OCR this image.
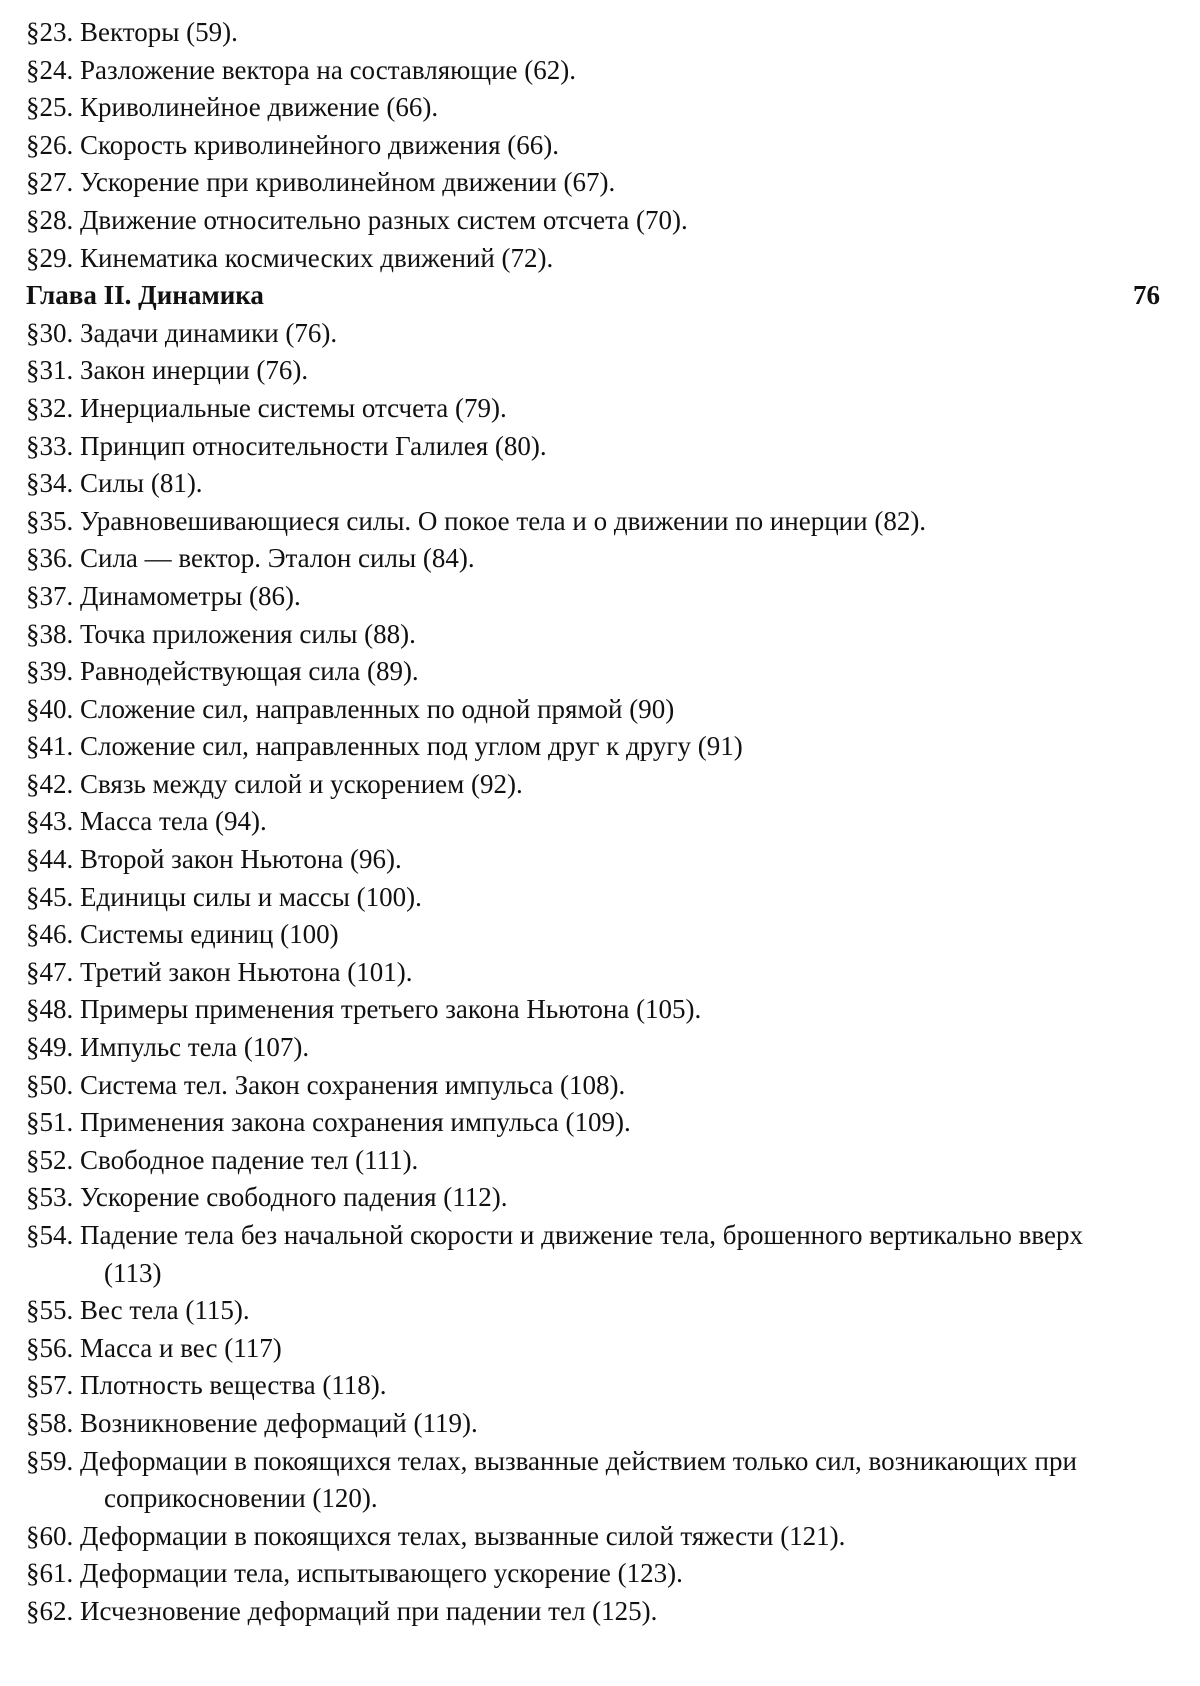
§23. Векторы (59).
§24. Разложение вектора на составляющие (62).
§25. Криволинейное движение (66).
§26. Скорость криволинейного движения (66).
§27. Ускорение при криволинейном движении (67).
§28. Движение относительно разных систем отсчета (70).
§29. Кинематика космических движений (72).
Глава II. Динамика	76
§30. Задачи динамики (76).
§31. Закон инерции (76).
§32. Инерциальные системы отсчета (79).
§33. Принцип относительности Галилея (80).
§34. Силы (81).
§35. Уравновешивающиеся силы. О покое тела и о движении по инерции (82).
§36. Сила — вектор. Эталон силы (84).
§37. Динамометры (86).
§38. Точка приложения силы (88).
§39. Равнодействующая сила (89).
§40. Сложение сил, направленных по одной прямой (90)
§41. Сложение сил, направленных под углом друг к другу (91)
§42. Связь между силой и ускорением (92).
§43. Масса тела (94).
§44. Второй закон Ньютона (96).
§45. Единицы силы и массы (100).
§46. Системы единиц (100)
§47. Третий закон Ньютона (101).
§48. Примеры применения третьего закона Ньютона (105).
§49. Импульс тела (107).
§50. Система тел. Закон сохранения импульса (108).
§51. Применения закона сохранения импульса (109).
§52. Свободное падение тел (111).
§53. Ускорение свободного падения (112).
§54. Падение тела без начальной скорости и движение тела, брошенного вертикально вверх (113)
§55. Вес тела (115).
§56. Масса и вес (117)
§57. Плотность вещества (118).
§58. Возникновение деформаций (119).
§59. Деформации в покоящихся телах, вызванные действием только сил, возникающих при соприкосновении (120).
§60. Деформации в покоящихся телах, вызванные силой тяжести (121).
§61. Деформации тела, испытывающего ускорение (123).
§62. Исчезновение деформаций при падении тел (125).
